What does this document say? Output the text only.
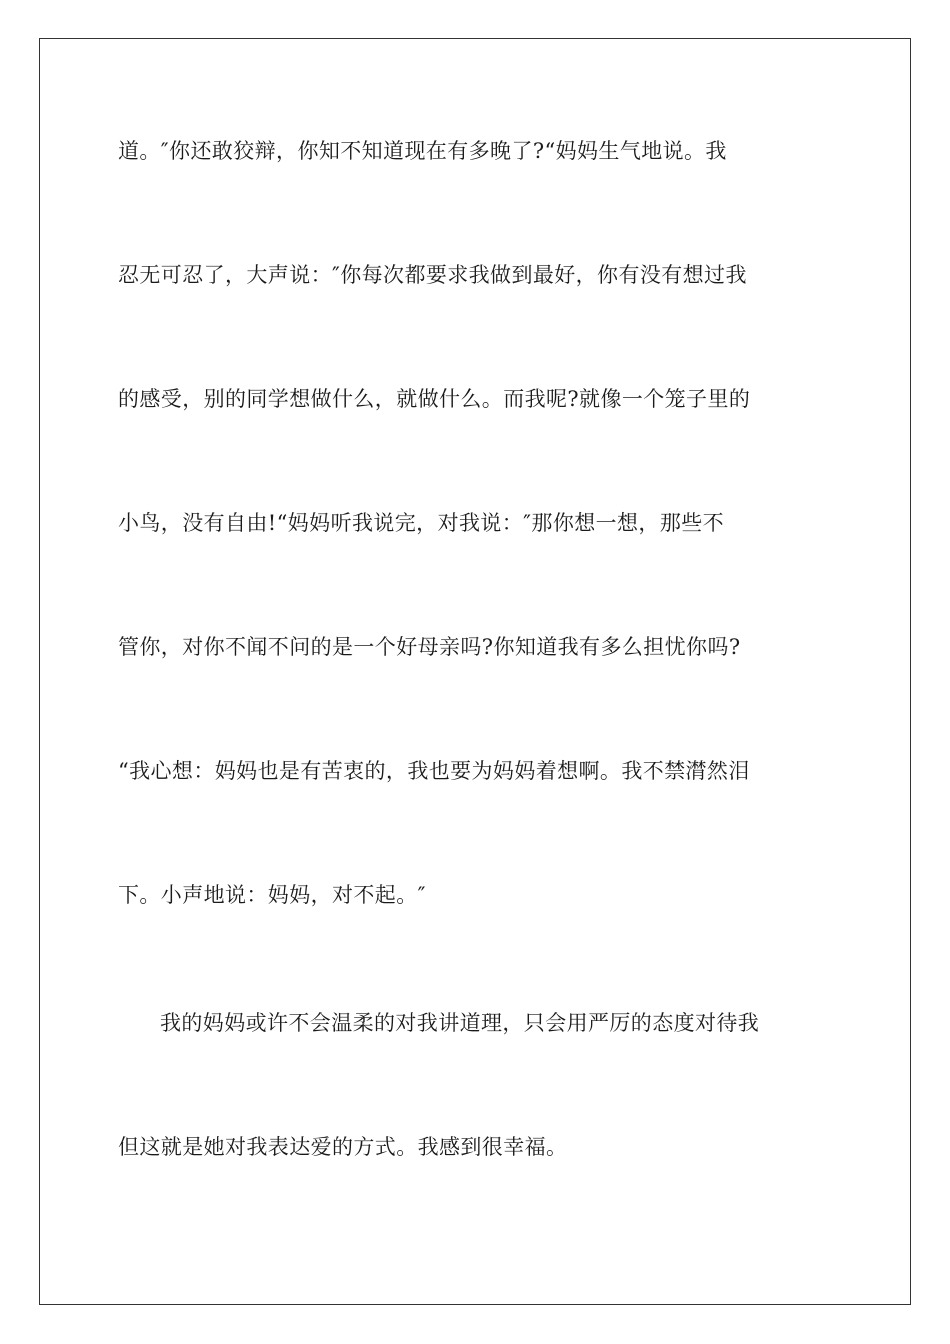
道。″你还敢狡辩，你知不知道现在有多晚了?“妈妈生气地说。我
忍无可忍了，大声说：″你每次都要求我做到最好，你有没有想过我
的感受，别的同学想做什么，就做什么。而我呢?就像一个笼子里的
小鸟，没有自由!“妈妈听我说完，对我说：″那你想一想，那些不
管你，对你不闻不问的是一个好母亲吗?你知道我有多么担忧你吗?
“我心想：妈妈也是有苦衷的，我也要为妈妈着想啊。我不禁潸然泪
下。小声地说：妈妈，对不起。″
我的妈妈或许不会温柔的对我讲道理，只会用严厉的态度对待我
但这就是她对我表达爱的方式。我感到很幸福。
